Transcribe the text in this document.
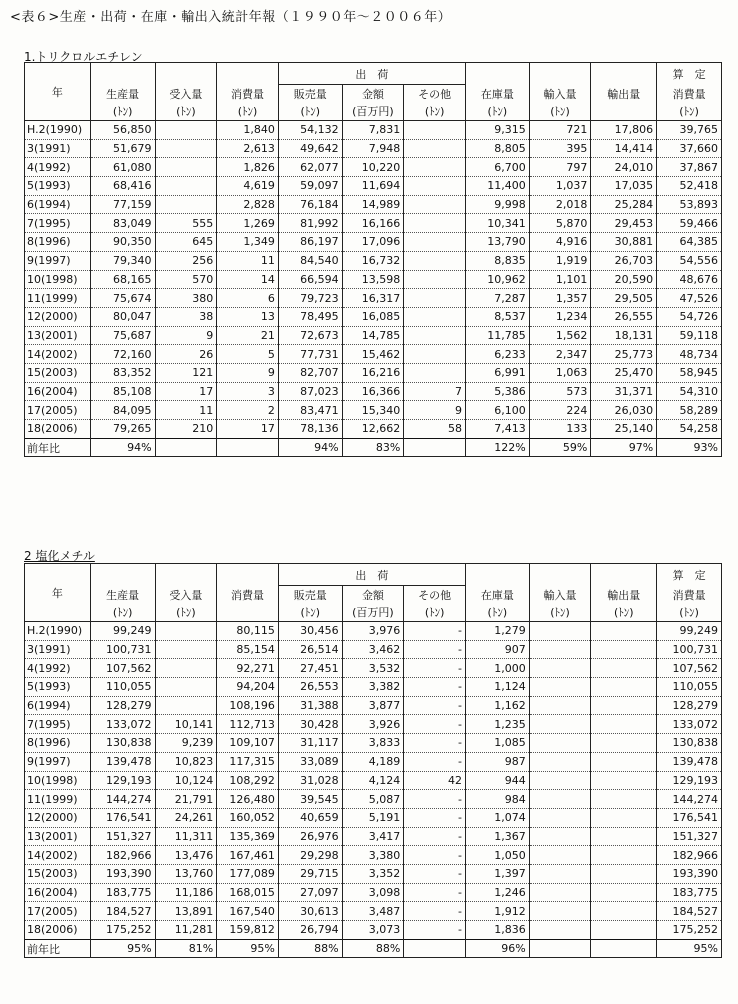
<表６>生産・出荷・在庫・輸出入統計年報（１９９０年～２００６年）
1.トリクロルエチレン
年				出　荷						算　定
	生産量	受入量	消費量	販売量	金額	その他	在庫量	輸入量	輸出量	消費量
	(ﾄﾝ)	(ﾄﾝ)	(ﾄﾝ)	(ﾄﾝ)	(百万円)	(ﾄﾝ)	(ﾄﾝ)	(ﾄﾝ)		(ﾄﾝ)
H.2(1990)	56,850		1,840	54,132	7,831		9,315	721	17,806	39,765
3(1991)	51,679		2,613	49,642	7,948		8,805	395	14,414	37,660
4(1992)	61,080		1,826	62,077	10,220		6,700	797	24,010	37,867
5(1993)	68,416		4,619	59,097	11,694		11,400	1,037	17,035	52,418
6(1994)	77,159		2,828	76,184	14,989		9,998	2,018	25,284	53,893
7(1995)	83,049	555	1,269	81,992	16,166		10,341	5,870	29,453	59,466
8(1996)	90,350	645	1,349	86,197	17,096		13,790	4,916	30,881	64,385
9(1997)	79,340	256	11	84,540	16,732		8,835	1,919	26,703	54,556
10(1998)	68,165	570	14	66,594	13,598		10,962	1,101	20,590	48,676
11(1999)	75,674	380	6	79,723	16,317		7,287	1,357	29,505	47,526
12(2000)	80,047	38	13	78,495	16,085		8,537	1,234	26,555	54,726
13(2001)	75,687	9	21	72,673	14,785		11,785	1,562	18,131	59,118
14(2002)	72,160	26	5	77,731	15,462		6,233	2,347	25,773	48,734
15(2003)	83,352	121	9	82,707	16,216		6,991	1,063	25,470	58,945
16(2004)	85,108	17	3	87,023	16,366	7	5,386	573	31,371	54,310
17(2005)	84,095	11	2	83,471	15,340	9	6,100	224	26,030	58,289
18(2006)	79,265	210	17	78,136	12,662	58	7,413	133	25,140	54,258
前年比	94%			94%	83%		122%	59%	97%	93%
2 塩化メチル
年				出　荷						算　定
	生産量	受入量	消費量	販売量	金額	その他	在庫量	輸入量	輸出量	消費量
	(ﾄﾝ)	(ﾄﾝ)		(ﾄﾝ)	(百万円)	(ﾄﾝ)	(ﾄﾝ)	(ﾄﾝ)	(ﾄﾝ)	(ﾄﾝ)
H.2(1990)	99,249		80,115	30,456	3,976	-	1,279			99,249
3(1991)	100,731		85,154	26,514	3,462	-	907			100,731
4(1992)	107,562		92,271	27,451	3,532	-	1,000			107,562
5(1993)	110,055		94,204	26,553	3,382	-	1,124			110,055
6(1994)	128,279		108,196	31,388	3,877	-	1,162			128,279
7(1995)	133,072	10,141	112,713	30,428	3,926	-	1,235			133,072
8(1996)	130,838	9,239	109,107	31,117	3,833	-	1,085			130,838
9(1997)	139,478	10,823	117,315	33,089	4,189	-	987			139,478
10(1998)	129,193	10,124	108,292	31,028	4,124	42	944			129,193
11(1999)	144,274	21,791	126,480	39,545	5,087	-	984			144,274
12(2000)	176,541	24,261	160,052	40,659	5,191	-	1,074			176,541
13(2001)	151,327	11,311	135,369	26,976	3,417	-	1,367			151,327
14(2002)	182,966	13,476	167,461	29,298	3,380	-	1,050			182,966
15(2003)	193,390	13,760	177,089	29,715	3,352	-	1,397			193,390
16(2004)	183,775	11,186	168,015	27,097	3,098	-	1,246			183,775
17(2005)	184,527	13,891	167,540	30,613	3,487	-	1,912			184,527
18(2006)	175,252	11,281	159,812	26,794	3,073	-	1,836			175,252
前年比	95%	81%	95%	88%	88%		96%			95%
